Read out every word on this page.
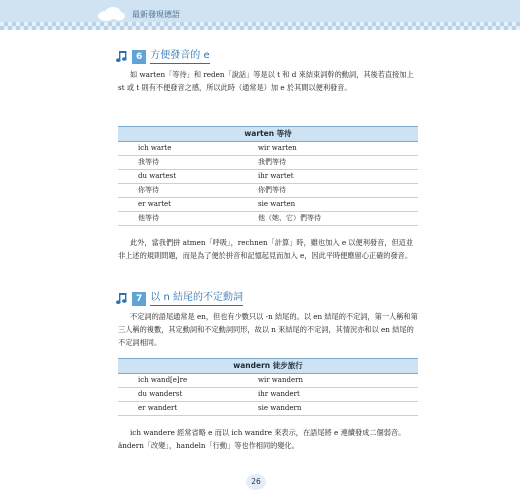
最新發現德語
6 方便發音的 e
如 warten「等待」和 reden「說話」等是以 t 和 d 來結束詞幹的動詞，其後若直接加上 st 或 t 則有不便發音之感，所以此時（通常是）加 e 於其間以便利發音。
warten 等待
ich warte	wir warten
我等待	我們等待
du wartest	ihr wartet
你等待	你們等待
er wartet	sie warten
他等待	他（她、它）們等待
此外，當我們拼 atmen「呼吸」，rechnen「計算」時，雖也加入 e 以便利發音，但這並非上述的規則問題，而是為了便於拼音和記憶起見而加入 e，因此平時便應留心正確的發音。
7 以 n 結尾的不定動詞
不定詞的語尾通常是 en，但也有少數只以 -n 結尾的。以 en 結尾的不定詞，第一人稱和第三人稱的複數，其定動詞和不定動詞同形，故以 n 來結尾的不定詞，其情況亦和以 en 結尾的不定詞相同。
wandern 徒步旅行
ich wand[e]re	wir wandern
du wanderst	ihr wandert
er wandert	sie wandern
ich wandere 經常省略 e 而以 ich wandre 來表示，在語尾將 e 連續發成二個弱音。ändern「改變」，handeln「行動」等也作相同的變化。
26
